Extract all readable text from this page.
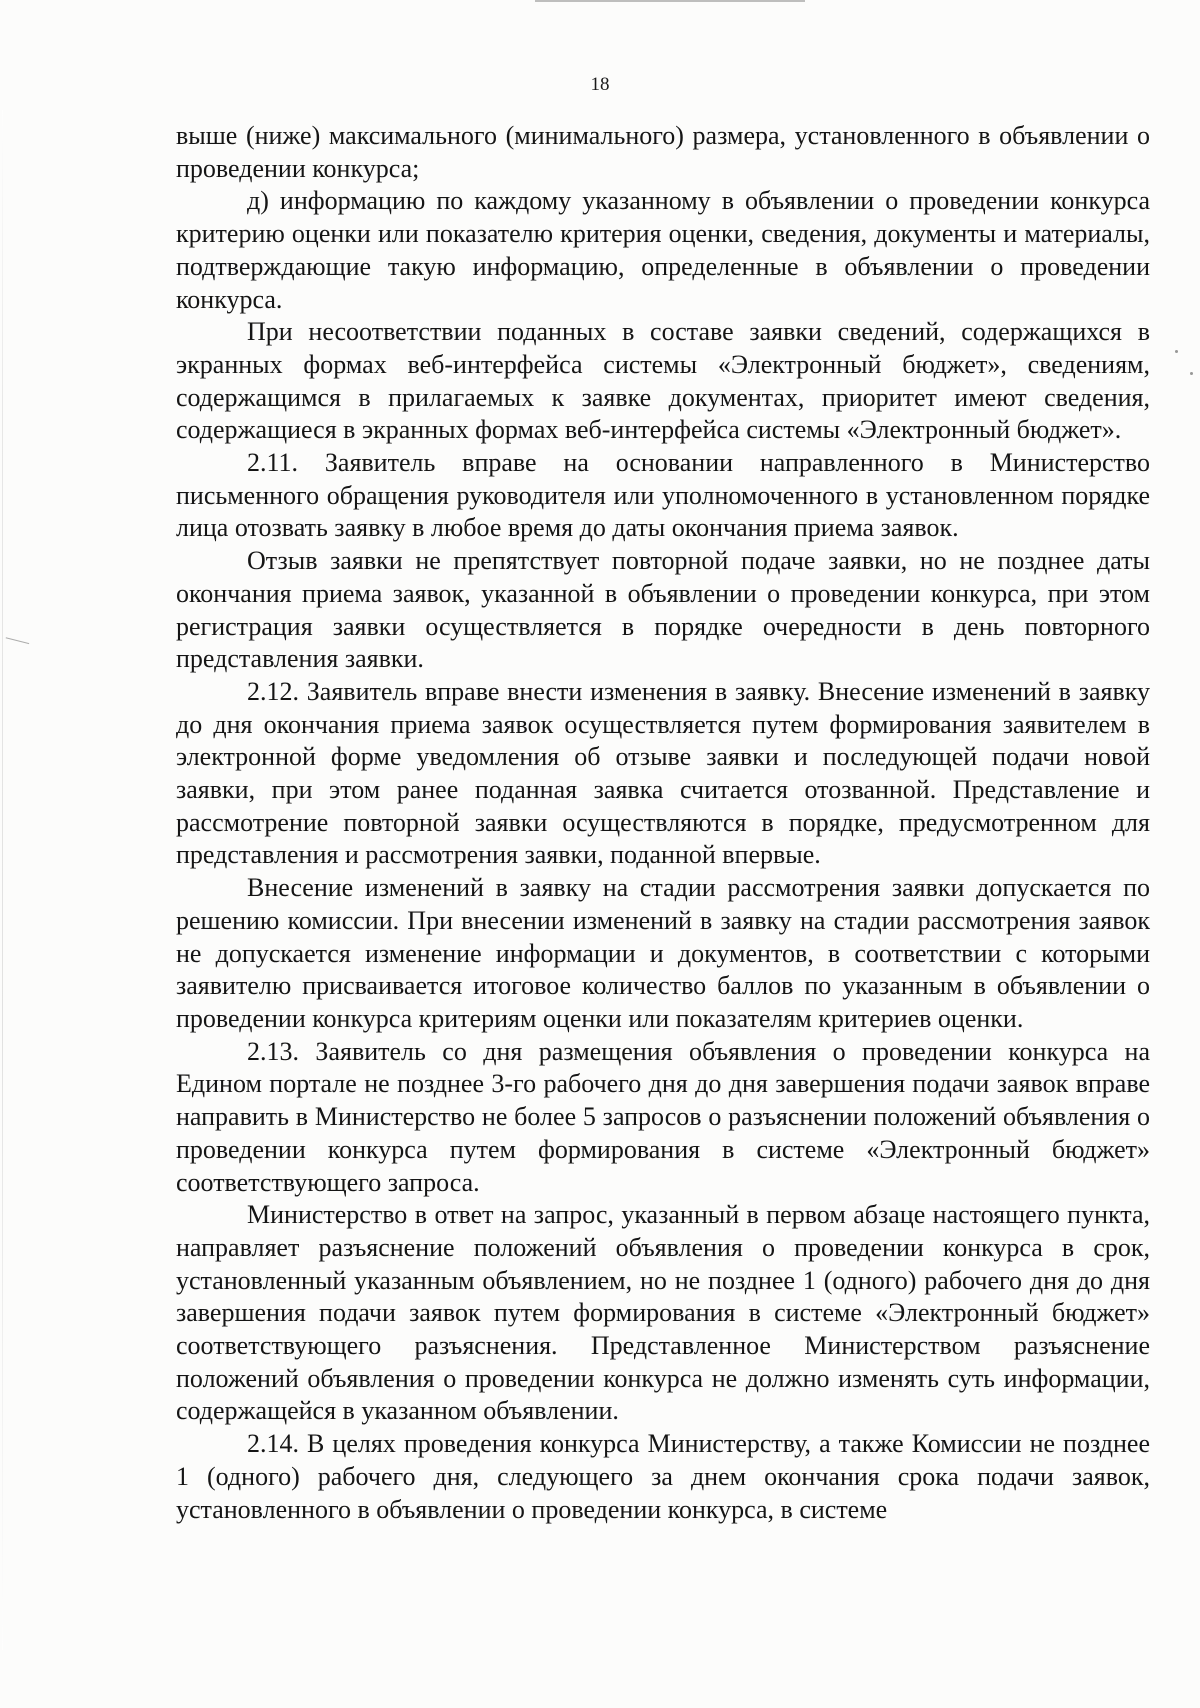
18

выше (ниже) максимального (минимального) размера, установленного в объявлении о проведении конкурса;

д) информацию по каждому указанному в объявлении о проведении конкурса критерию оценки или показателю критерия оценки, сведения, документы и материалы, подтверждающие такую информацию, определенные в объявлении о проведении конкурса.

При несоответствии поданных в составе заявки сведений, содержащихся в экранных формах веб-интерфейса системы «Электронный бюджет», сведениям, содержащимся в прилагаемых к заявке документах, приоритет имеют сведения, содержащиеся в экранных формах веб-интерфейса системы «Электронный бюджет».

2.11. Заявитель вправе на основании направленного в Министерство письменного обращения руководителя или уполномоченного в установленном порядке лица отозвать заявку в любое время до даты окончания приема заявок.

Отзыв заявки не препятствует повторной подаче заявки, но не позднее даты окончания приема заявок, указанной в объявлении о проведении конкурса, при этом регистрация заявки осуществляется в порядке очередности в день повторного представления заявки.

2.12. Заявитель вправе внести изменения в заявку. Внесение изменений в заявку до дня окончания приема заявок осуществляется путем формирования заявителем в электронной форме уведомления об отзыве заявки и последующей подачи новой заявки, при этом ранее поданная заявка считается отозванной. Представление и рассмотрение повторной заявки осуществляются в порядке, предусмотренном для представления и рассмотрения заявки, поданной впервые.

Внесение изменений в заявку на стадии рассмотрения заявки допускается по решению комиссии. При внесении изменений в заявку на стадии рассмотрения заявок не допускается изменение информации и документов, в соответствии с которыми заявителю присваивается итоговое количество баллов по указанным в объявлении о проведении конкурса критериям оценки или показателям критериев оценки.

2.13. Заявитель со дня размещения объявления о проведении конкурса на Едином портале не позднее 3-го рабочего дня до дня завершения подачи заявок вправе направить в Министерство не более 5 запросов о разъяснении положений объявления о проведении конкурса путем формирования в системе «Электронный бюджет» соответствующего запроса.

Министерство в ответ на запрос, указанный в первом абзаце настоящего пункта, направляет разъяснение положений объявления о проведении конкурса в срок, установленный указанным объявлением, но не позднее 1 (одного) рабочего дня до дня завершения подачи заявок путем формирования в системе «Электронный бюджет» соответствующего разъяснения. Представленное Министерством разъяснение положений объявления о проведении конкурса не должно изменять суть информации, содержащейся в указанном объявлении.

2.14. В целях проведения конкурса Министерству, а также Комиссии не позднее 1 (одного) рабочего дня, следующего за днем окончания срока подачи заявок, установленного в объявлении о проведении конкурса, в системе
